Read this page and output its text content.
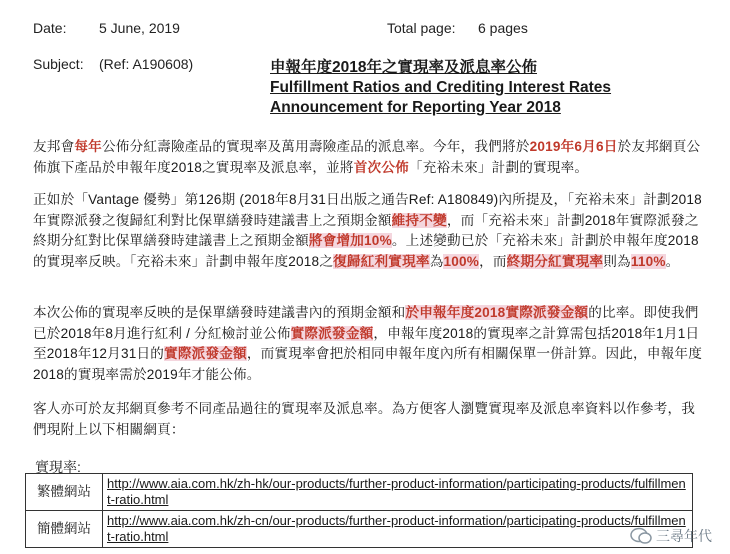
Date: 5 June, 2019	Total page: 6 pages
Subject: (Ref: A190608)	申報年度2018年之實現率及派息率公佈
Fulfillment Ratios and Crediting Interest Rates
Announcement for Reporting Year 2018
友邦會每年公佈分紅壽險產品的實現率及萬用壽險產品的派息率。今年，我們將於2019年6月6日於友邦網頁公佈旗下產品於申報年度2018之實現率及派息率，並將首次公佈「充裕未來」計劃的實現率。
正如於「Vantage 優勢」第126期 (2018年8月31日出版之通告Ref: A180849)內所提及，「充裕未來」計劃2018年實際派發之復歸紅利對比保單繕發時建議書上之預期金額維持不變，而「充裕未來」計劃2018年實際派發之終期分紅對比保單繕發時建議書上之預期金額將會增加10%。上述變動已於「充裕未來」計劃於申報年度2018的實現率反映。「充裕未來」計劃申報年度2018之復歸紅利實現率為100%，而終期分紅實現率則為110%。
本次公佈的實現率反映的是保單繕發時建議書內的預期金額和於申報年度2018實際派發金額的比率。即使我們已於2018年8月進行紅利 / 分紅檢討並公佈實際派發金額，申報年度2018的實現率之計算需包括2018年1月1日至2018年12月31日的實際派發金額，而實現率會把於相同申報年度內所有相關保單一併計算。因此，申報年度2018的實現率需於2019年才能公佈。
客人亦可於友邦網頁參考不同產品過往的實現率及派息率。為方便客人瀏覽實現率及派息率資料以作參考，我們現附上以下相關網頁：
實現率:
繁體網站	http://www.aia.com.hk/zh-hk/our-products/further-product-information/participating-products/fulfillment-ratio.html
簡體網站	http://www.aia.com.hk/zh-cn/our-products/further-product-information/participating-products/fulfillment-ratio.html	三尋年代
